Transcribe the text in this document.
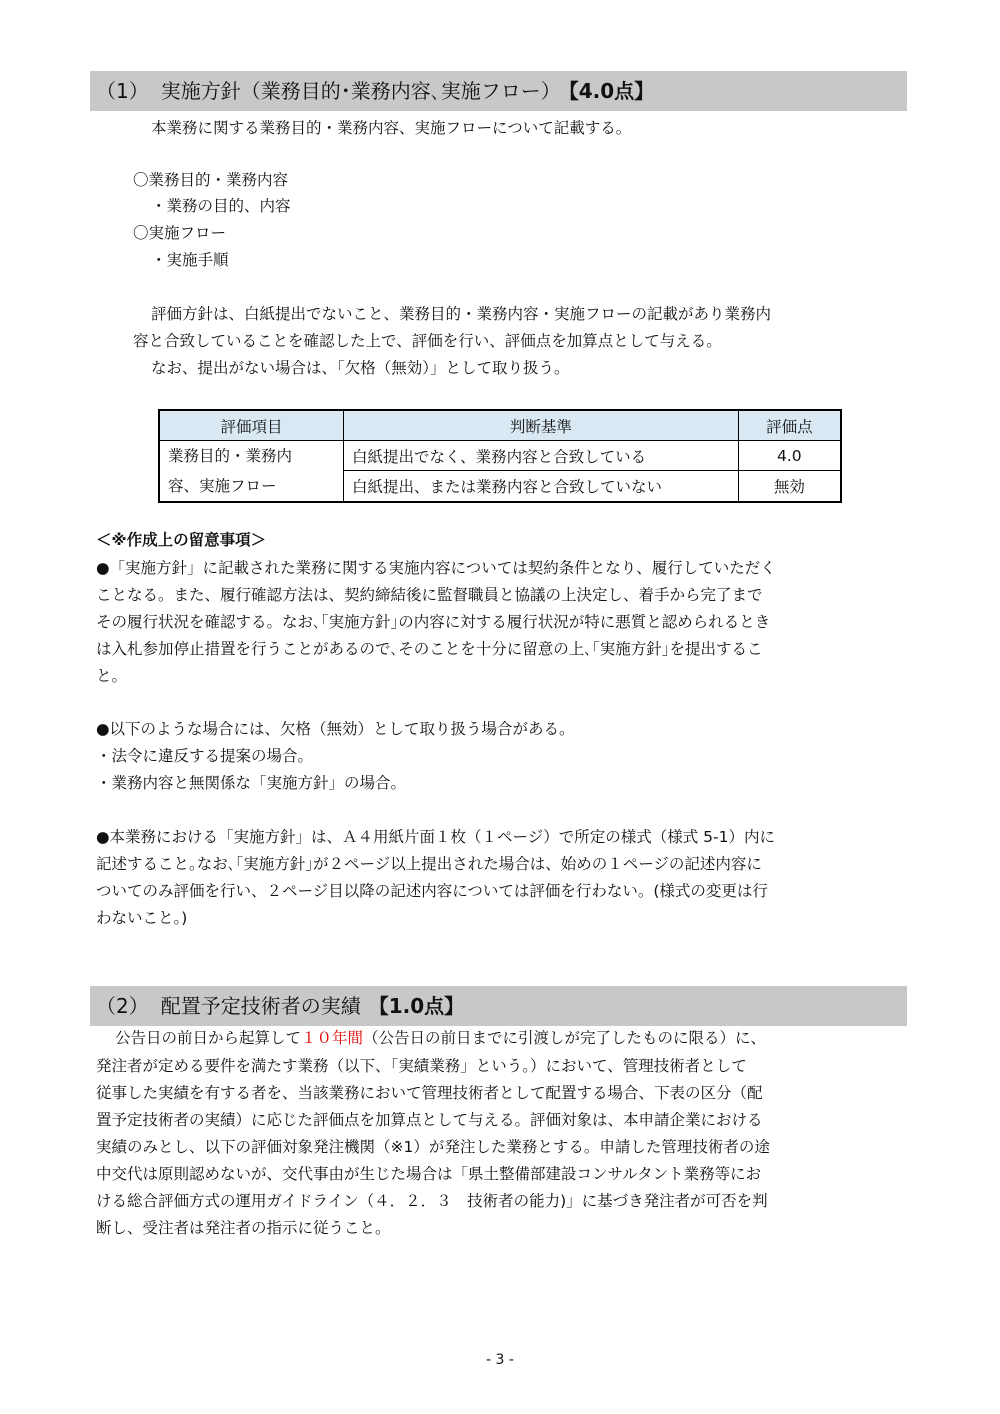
（1） 実施方針（業務目的･業務内容､実施フロー） 【4.0点】
本業務に関する業務目的・業務内容、実施フローについて記載する。
〇業務目的・業務内容
・業務の目的、内容
〇実施フロー
・実施手順
評価方針は、白紙提出でないこと、業務目的・業務内容・実施フローの記載があり業務内
容と合致していることを確認した上で、評価を行い、評価点を加算点として与える。
なお、提出がない場合は、「欠格（無効）」として取り扱う。
評価項目	判断基準	評価点

業務目的・業務内
容、実施フロー	白紙提出でなく、業務内容と合致している	4.0
	白紙提出、または業務内容と合致していない	無効
＜※作成上の留意事項＞
●「実施方針」に記載された業務に関する実施内容については契約条件となり、履行していただく
ことなる。また、履行確認方法は、契約締結後に監督職員と協議の上決定し、着手から完了まで
その履行状況を確認する。なお､｢実施方針｣の内容に対する履行状況が特に悪質と認められるとき
は入札参加停止措置を行うことがあるので､そのことを十分に留意の上､｢実施方針｣を提出するこ
と。
●以下のような場合には、欠格（無効）として取り扱う場合がある。
・法令に違反する提案の場合。
・業務内容と無関係な「実施方針」の場合。
●本業務における「実施方針」は、Ａ４用紙片面１枚（１ページ）で所定の様式（様式 5-1）内に
記述すること｡なお､｢実施方針｣が２ページ以上提出された場合は、始めの１ページの記述内容に
ついてのみ評価を行い、２ページ目以降の記述内容については評価を行わない。(様式の変更は行
わないこと。)
（2） 配置予定技術者の実績 【1.0点】
公告日の前日から起算して１０年間（公告日の前日までに引渡しが完了したものに限る）に、
発注者が定める要件を満たす業務（以下、「実績業務」という。）において、管理技術者として
従事した実績を有する者を、当該業務において管理技術者として配置する場合、下表の区分（配
置予定技術者の実績）に応じた評価点を加算点として与える。評価対象は、本申請企業における
実績のみとし、以下の評価対象発注機関（※1）が発注した業務とする。申請した管理技術者の途
中交代は原則認めないが、交代事由が生じた場合は「県土整備部建設コンサルタント業務等にお
ける総合評価方式の運用ガイドライン（４．２．３　技術者の能力)」に基づき発注者が可否を判
断し、受注者は発注者の指示に従うこと。
- 3 -
